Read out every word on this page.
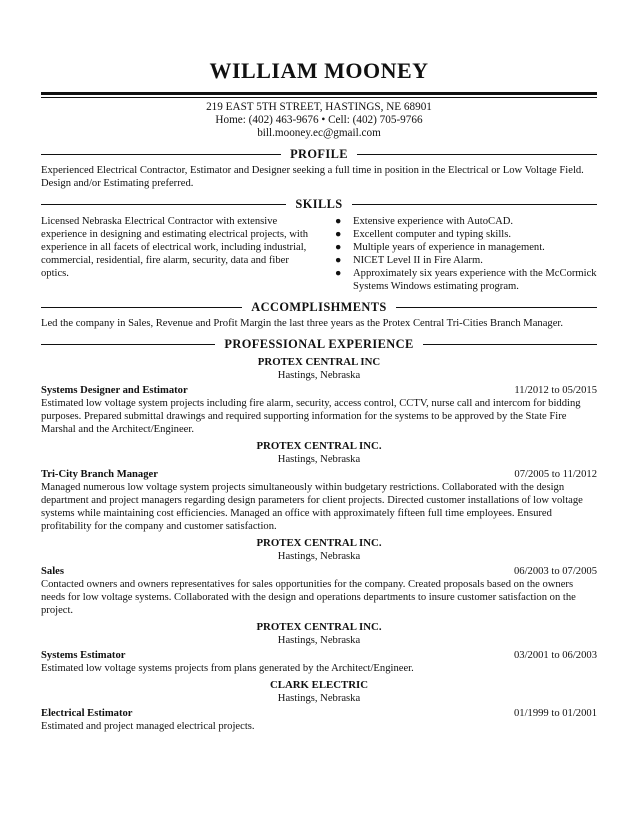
WILLIAM MOONEY
219 EAST 5TH STREET, HASTINGS, NE 68901
Home: (402) 463-9676 • Cell: (402) 705-9766
bill.mooney.ec@gmail.com
PROFILE
Experienced Electrical Contractor, Estimator and Designer seeking a full time in position in the Electrical or Low Voltage Field. Design and/or Estimating preferred.
SKILLS
Licensed Nebraska Electrical Contractor with extensive experience in designing and estimating electrical projects, with experience in all facets of electrical work, including industrial, commercial, residential, fire alarm, security, data and fiber optics.
● Extensive experience with AutoCAD.
● Excellent computer and typing skills.
● Multiple years of experience in management.
● NICET Level II in Fire Alarm.
● Approximately six years experience with the McCormick Systems Windows estimating program.
ACCOMPLISHMENTS
Led the company in Sales, Revenue and Profit Margin the last three years as the Protex Central Tri-Cities Branch Manager.
PROFESSIONAL EXPERIENCE
PROTEX CENTRAL INC
Hastings, Nebraska
Systems Designer and Estimator	11/2012 to 05/2015
Estimated low voltage system projects including fire alarm, security, access control, CCTV, nurse call and intercom for bidding purposes. Prepared submittal drawings and required supporting information for the systems to be approved by the State Fire Marshal and the Architect/Engineer.
PROTEX CENTRAL INC.
Hastings, Nebraska
Tri-City Branch Manager	07/2005 to 11/2012
Managed numerous low voltage system projects simultaneously within budgetary restrictions. Collaborated with the design department and project managers regarding design parameters for client projects. Directed customer installations of low voltage systems while maintaining cost efficiencies. Managed an office with approximately fifteen full time employees. Ensured profitability for the company and customer satisfaction.
PROTEX CENTRAL INC.
Hastings, Nebraska
Sales	06/2003 to 07/2005
Contacted owners and owners representatives for sales opportunities for the company. Created proposals based on the owners needs for low voltage systems. Collaborated with the design and operations departments to insure customer satisfaction on the project.
PROTEX CENTRAL INC.
Hastings, Nebraska
Systems Estimator	03/2001 to 06/2003
Estimated low voltage systems projects from plans generated by the Architect/Engineer.
CLARK ELECTRIC
Hastings, Nebraska
Electrical Estimator	01/1999 to 01/2001
Estimated and project managed electrical projects.
